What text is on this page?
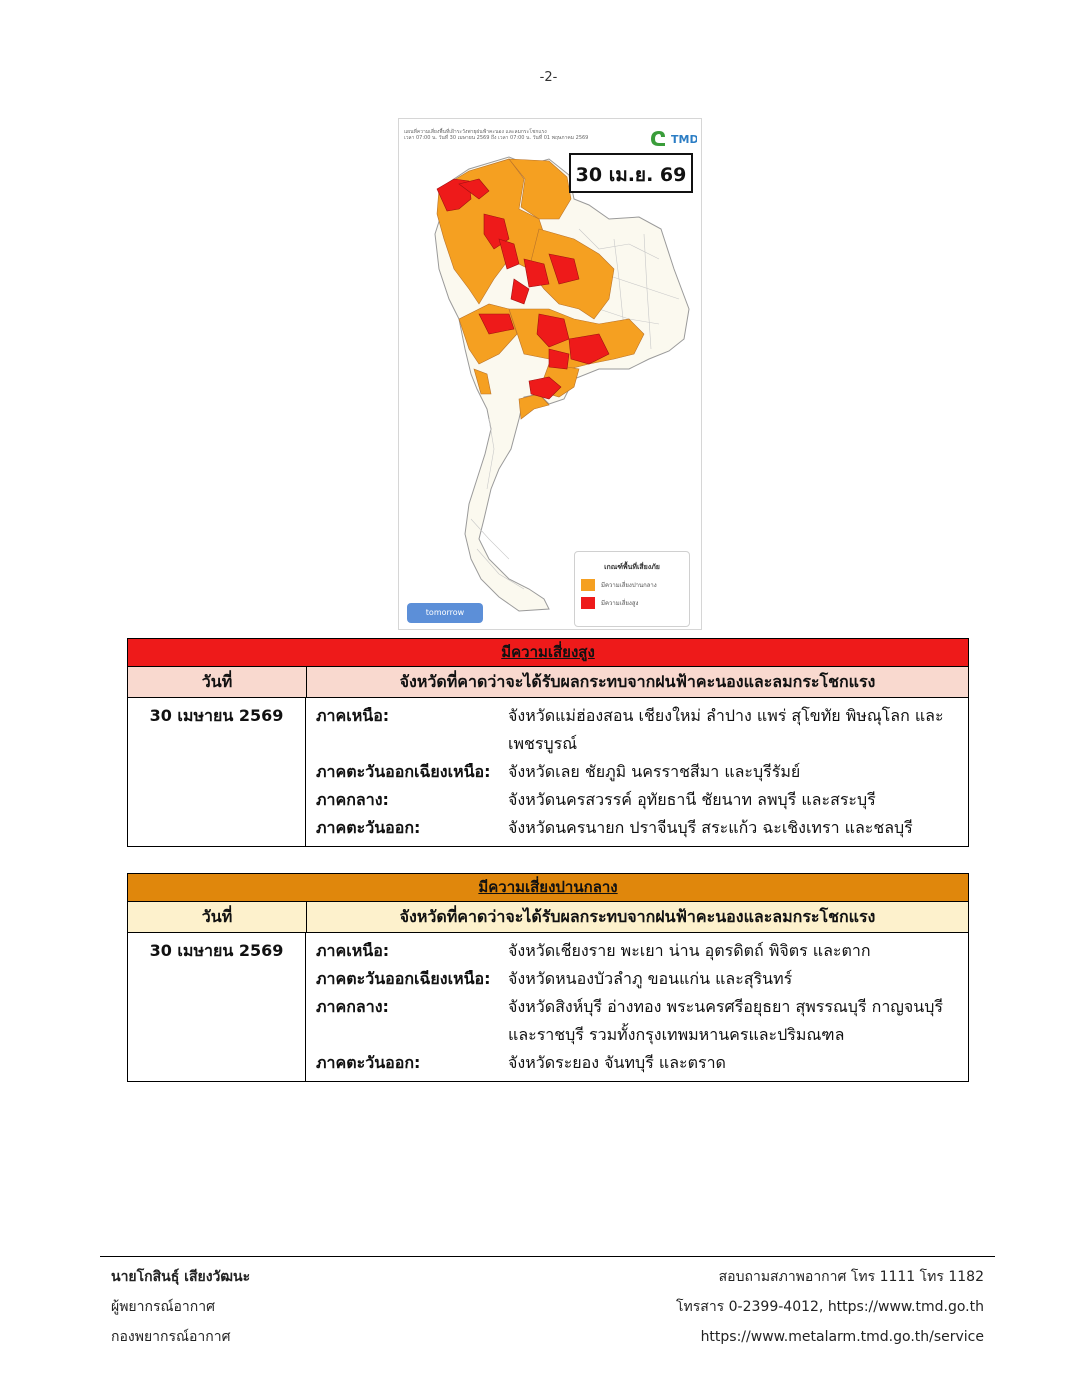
-2-
แผนที่ความเสี่ยงพื้นที่เฝ้าระวังพายุฝนฟ้าคะนอง และลมกระโชกแรง
เวลา 07:00 น. วันที่ 30 เมษายน 2569 ถึง เวลา 07:00 น. วันที่ 01 พฤษภาคม 2569	TMD
30 เม.ย. 69
เกณฑ์พื้นที่เสี่ยงภัย
มีความเสี่ยงปานกลาง
มีความเสี่ยงสูง
tomorrow
มีความเสี่ยงสูง
วันที่	จังหวัดที่คาดว่าจะได้รับผลกระทบจากฝนฟ้าคะนองและลมกระโชกแรง
30 เมษายน 2569	ภาคเหนือ:	จังหวัดแม่ฮ่องสอน เชียงใหม่ ลำปาง แพร่ สุโขทัย พิษณุโลก และเพชรบูรณ์
ภาคตะวันออกเฉียงเหนือ:	จังหวัดเลย ชัยภูมิ นครราชสีมา และบุรีรัมย์
ภาคกลาง:	จังหวัดนครสวรรค์ อุทัยธานี ชัยนาท ลพบุรี และสระบุรี
ภาคตะวันออก:	จังหวัดนครนายก ปราจีนบุรี สระแก้ว ฉะเชิงเทรา และชลบุรี
มีความเสี่ยงปานกลาง
วันที่	จังหวัดที่คาดว่าจะได้รับผลกระทบจากฝนฟ้าคะนองและลมกระโชกแรง
30 เมษายน 2569	ภาคเหนือ:	จังหวัดเชียงราย พะเยา น่าน อุตรดิตถ์ พิจิตร และตาก
ภาคตะวันออกเฉียงเหนือ:	จังหวัดหนองบัวลำภู ขอนแก่น และสุรินทร์
ภาคกลาง:	จังหวัดสิงห์บุรี อ่างทอง พระนครศรีอยุธยา สุพรรณบุรี กาญจนบุรี และราชบุรี รวมทั้งกรุงเทพมหานครและปริมณฑล
ภาคตะวันออก:	จังหวัดระยอง จันทบุรี และตราด
นายโกสินธุ์ เสียงวัฒนะ
ผู้พยากรณ์อากาศ
กองพยากรณ์อากาศ
สอบถามสภาพอากาศ โทร 1111 โทร 1182
โทรสาร 0-2399-4012, https://www.tmd.go.th
https://www.metalarm.tmd.go.th/service
